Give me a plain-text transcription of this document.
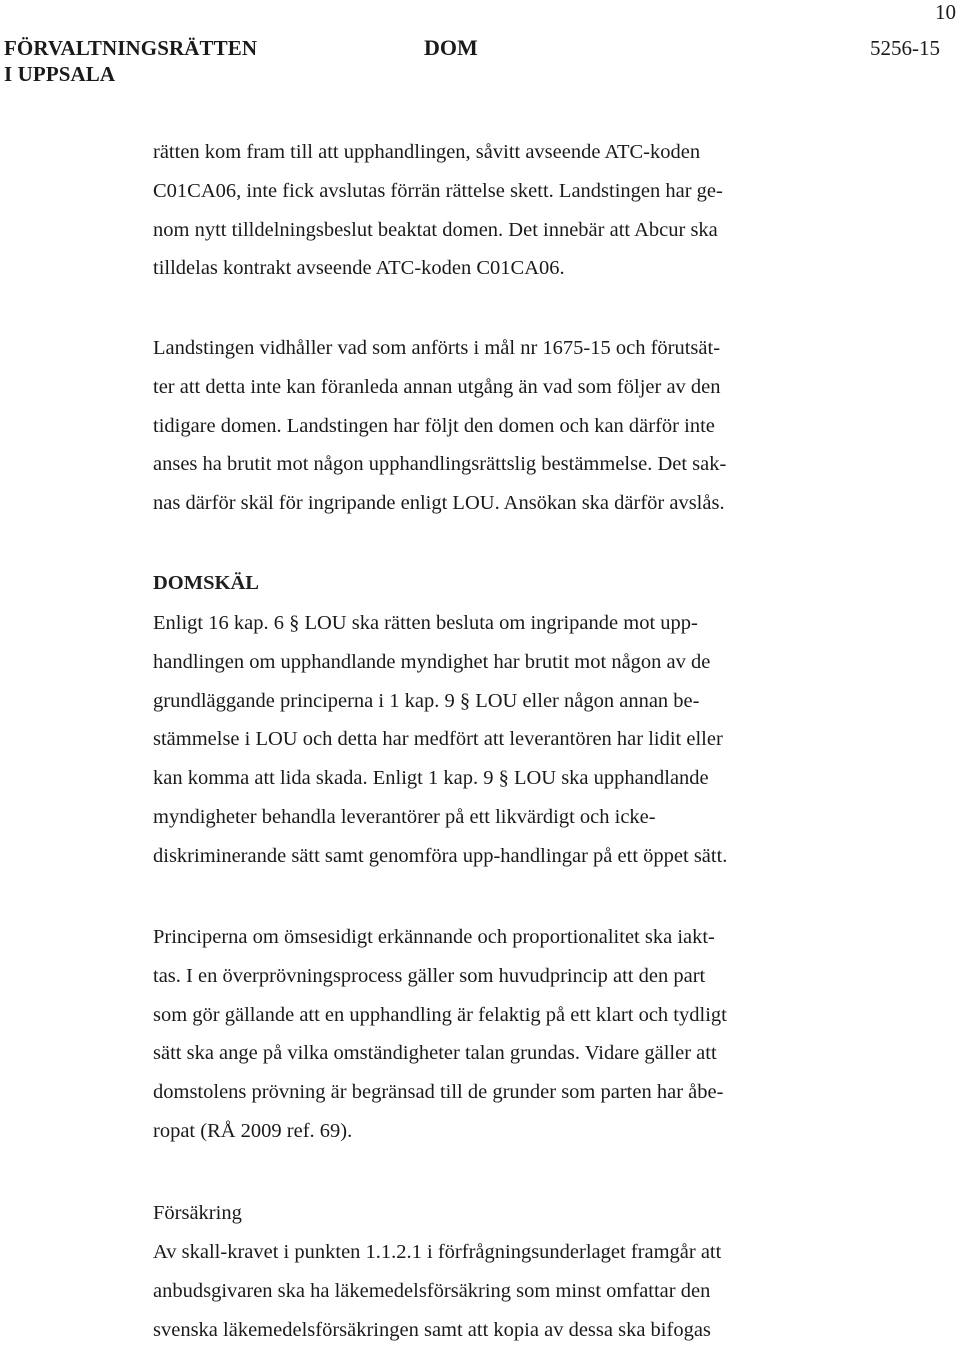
10
FÖRVALTNINGSRÄTTEN
I UPPSALA
DOM	5256-15
rätten kom fram till att upphandlingen, såvitt avseende ATC-koden
C01CA06, inte fick avslutas förrän rättelse skett. Landstingen har ge-
nom nytt tilldelningsbeslut beaktat domen. Det innebär att Abcur ska
tilldelas kontrakt avseende ATC-koden C01CA06.
Landstingen vidhåller vad som anförts i mål nr 1675-15 och förutsät-
ter att detta inte kan föranleda annan utgång än vad som följer av den
tidigare domen. Landstingen har följt den domen och kan därför inte
anses ha brutit mot någon upphandlingsrättslig bestämmelse. Det sak-
nas därför skäl för ingripande enligt LOU. Ansökan ska därför avslås.
DOMSKÄL
Enligt 16 kap. 6 § LOU ska rätten besluta om ingripande mot upp-
handlingen om upphandlande myndighet har brutit mot någon av de
grundläggande principerna i 1 kap. 9 § LOU eller någon annan be-
stämmelse i LOU och detta har medfört att leverantören har lidit eller
kan komma att lida skada. Enligt 1 kap. 9 § LOU ska upphandlande
myndigheter behandla leverantörer på ett likvärdigt och icke-
diskriminerande sätt samt genomföra upp-handlingar på ett öppet sätt.
Principerna om ömsesidigt erkännande och proportionalitet ska iakt-
tas. I en överprövningsprocess gäller som huvudprincip att den part
som gör gällande att en upphandling är felaktig på ett klart och tydligt
sätt ska ange på vilka omständigheter talan grundas. Vidare gäller att
domstolens prövning är begränsad till de grunder som parten har åbe-
ropat (RÅ 2009 ref. 69).
Försäkring
Av skall-kravet i punkten 1.1.2.1 i förfrågningsunderlaget framgår att
anbudsgivaren ska ha läkemedelsförsäkring som minst omfattar den
svenska läkemedelsförsäkringen samt att kopia av dessa ska bifogas
